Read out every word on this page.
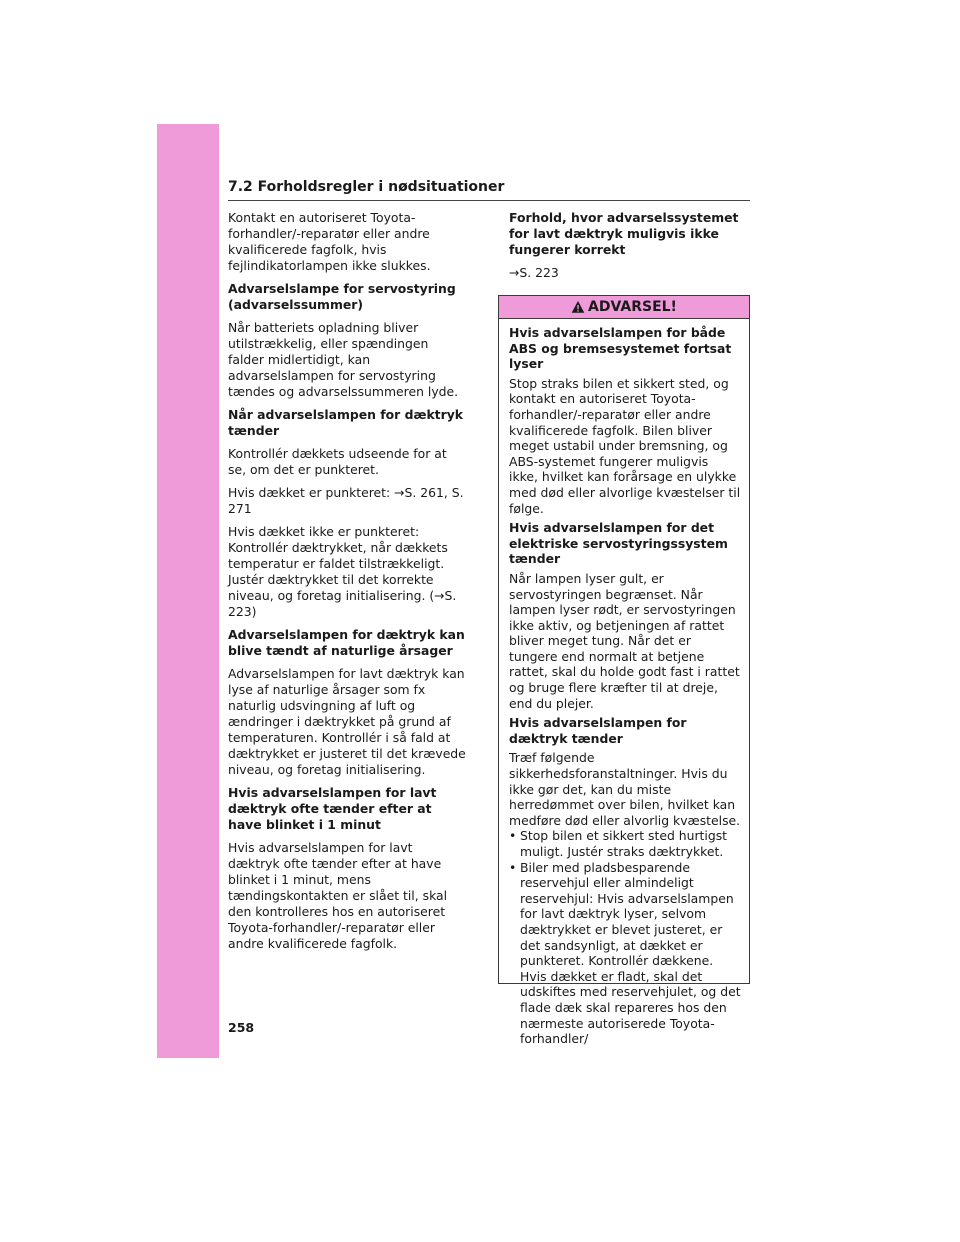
7.2 Forholdsregler i nødsituationer

Kontakt en autoriseret Toyota-forhandler/-reparatør eller andre kvalificerede fagfolk, hvis fejlindikatorlampen ikke slukkes.

Advarselslampe for servostyring (advarselssummer)

Når batteriets opladning bliver utilstrækkelig, eller spændingen falder midlertidigt, kan advarselslampen for servostyring tændes og advarselssummeren lyde.

Når advarselslampen for dæktryk tænder

Kontrollér dækkets udseende for at se, om det er punkteret.

Hvis dækket er punkteret: →S. 261, S. 271

Hvis dækket ikke er punkteret: Kontrollér dæktrykket, når dækkets temperatur er faldet tilstrækkeligt. Justér dæktrykket til det korrekte niveau, og foretag initialisering. (→S. 223)

Advarselslampen for dæktryk kan blive tændt af naturlige årsager

Advarselslampen for lavt dæktryk kan lyse af naturlige årsager som fx naturlig udsvingning af luft og ændringer i dæktrykket på grund af temperaturen. Kontrollér i så fald at dæktrykket er justeret til det krævede niveau, og foretag initialisering.

Hvis advarselslampen for lavt dæktryk ofte tænder efter at have blinket i 1 minut

Hvis advarselslampen for lavt dæktryk ofte tænder efter at have blinket i 1 minut, mens tændingskontakten er slået til, skal den kontrolleres hos en autoriseret Toyota-forhandler/-reparatør eller andre kvalificerede fagfolk.

Forhold, hvor advarselssystemet for lavt dæktryk muligvis ikke fungerer korrekt

→S. 223

ADVARSEL!

Hvis advarselslampen for både ABS og bremsesystemet fortsat lyser

Stop straks bilen et sikkert sted, og kontakt en autoriseret Toyota-forhandler/-reparatør eller andre kvalificerede fagfolk. Bilen bliver meget ustabil under bremsning, og ABS-systemet fungerer muligvis ikke, hvilket kan forårsage en ulykke med død eller alvorlige kvæstelser til følge.

Hvis advarselslampen for det elektriske servostyringssystem tænder

Når lampen lyser gult, er servostyringen begrænset. Når lampen lyser rødt, er servostyringen ikke aktiv, og betjeningen af rattet bliver meget tung. Når det er tungere end normalt at betjene rattet, skal du holde godt fast i rattet og bruge flere kræfter til at dreje, end du plejer.

Hvis advarselslampen for dæktryk tænder

Træf følgende sikkerhedsforanstaltninger. Hvis du ikke gør det, kan du miste herredømmet over bilen, hvilket kan medføre død eller alvorlig kvæstelse.

• Stop bilen et sikkert sted hurtigst muligt. Justér straks dæktrykket.
• Biler med pladsbesparende reservehjul eller almindeligt reservehjul: Hvis advarselslampen for lavt dæktryk lyser, selvom dæktrykket er blevet justeret, er det sandsynligt, at dækket er punkteret. Kontrollér dækkene. Hvis dækket er fladt, skal det udskiftes med reservehjulet, og det flade dæk skal repareres hos den nærmeste autoriserede Toyota-forhandler/
258
